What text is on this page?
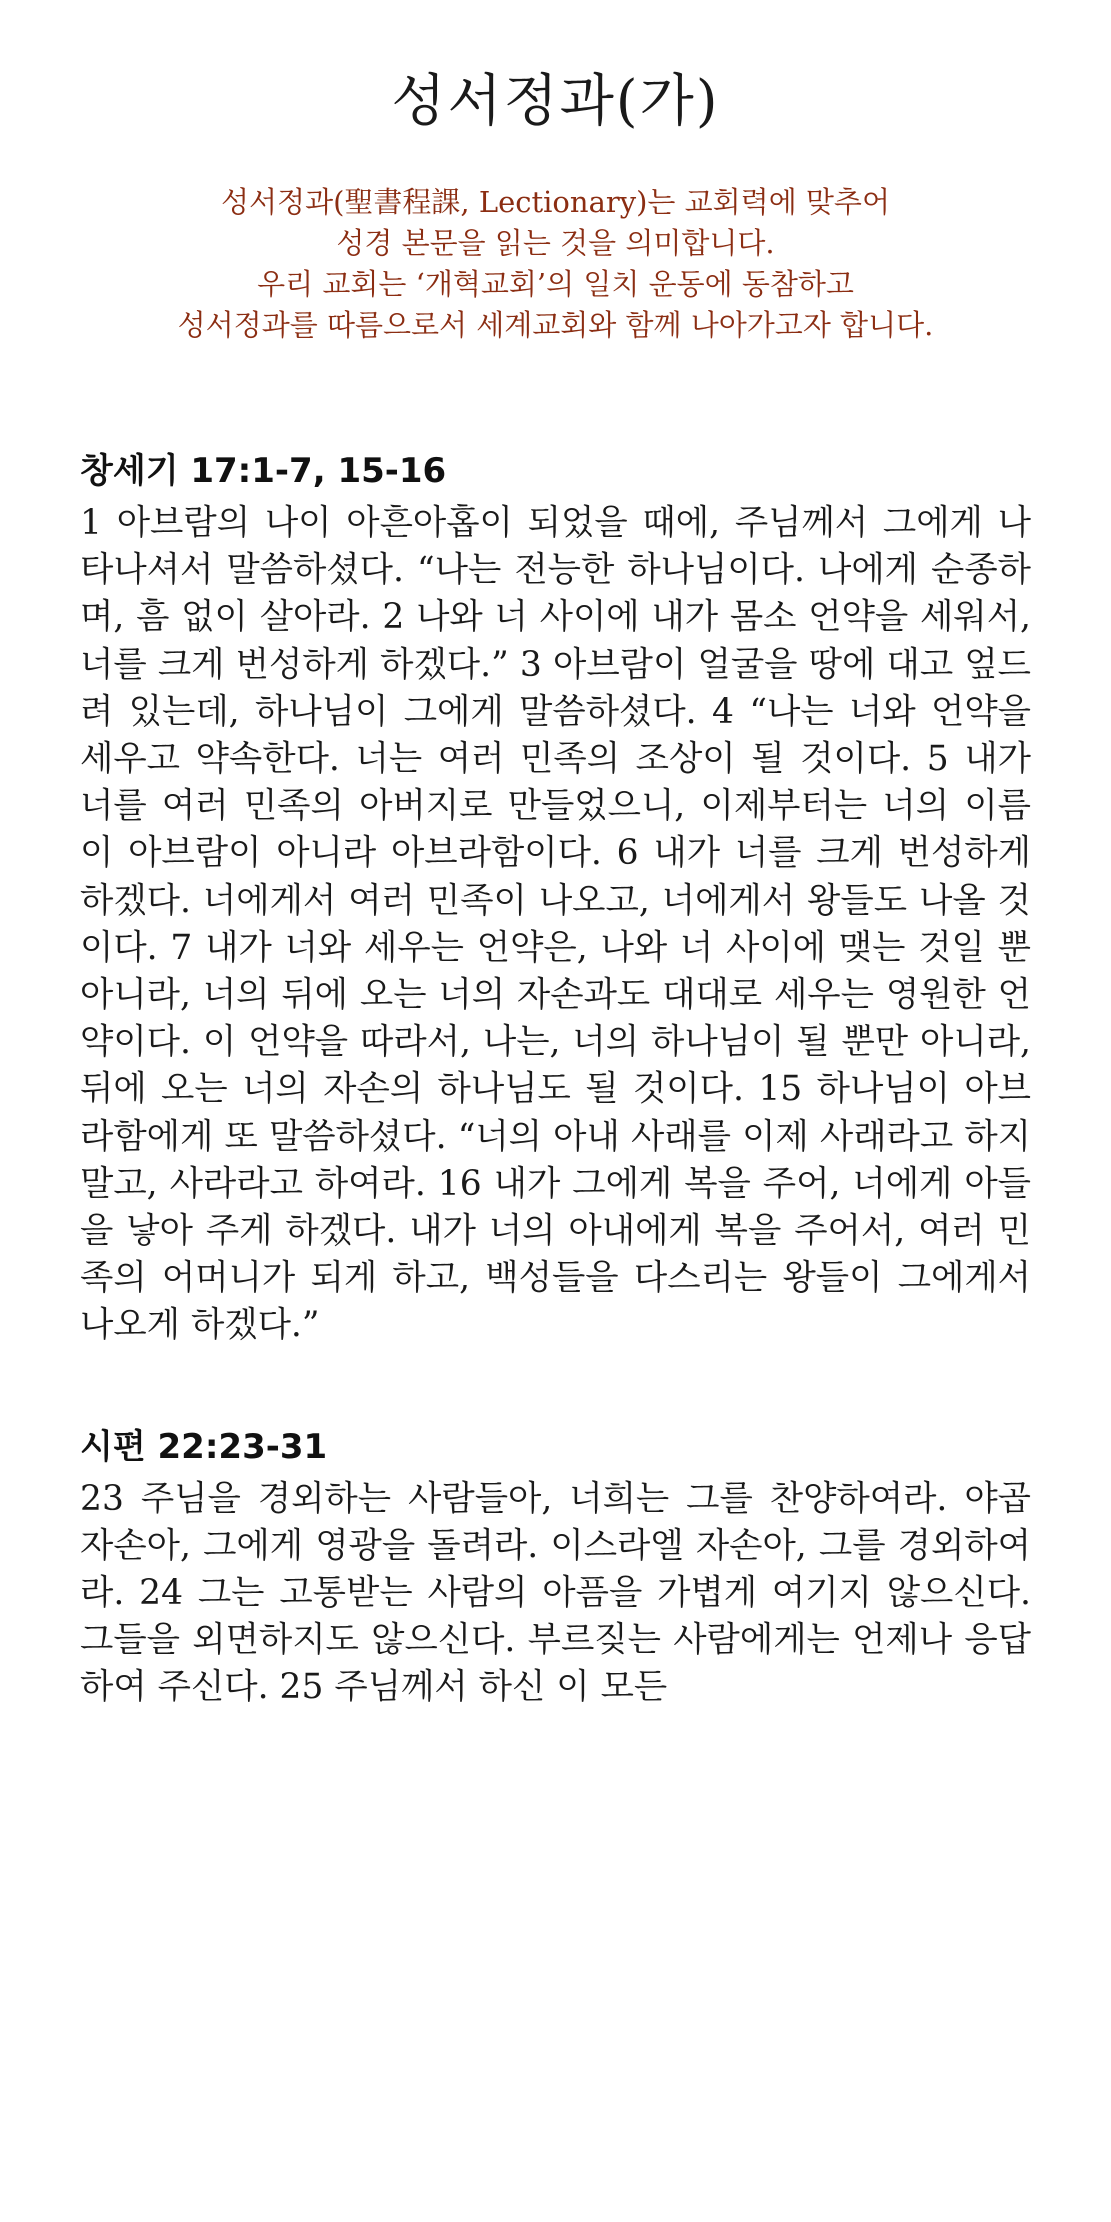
성서정과(가)
성서정과(聖書程課, Lectionary)는 교회력에 맞추어
성경 본문을 읽는 것을 의미합니다.
우리 교회는 ‘개혁교회’의 일치 운동에 동참하고
성서정과를 따름으로서 세계교회와 함께 나아가고자 합니다.
창세기 17:1-7, 15-16

1 아브람의 나이 아흔아홉이 되었을 때에, 주님께서 그에게 나타나셔서 말씀하셨다. “나는 전능한 하나님이다. 나에게 순종하며, 흠 없이 살아라. 2 나와 너 사이에 내가 몸소 언약을 세워서, 너를 크게 번성하게 하겠다.” 3 아브람이 얼굴을 땅에 대고 엎드려 있는데, 하나님이 그에게 말씀하셨다. 4 “나는 너와 언약을 세우고 약속한다. 너는 여러 민족의 조상이 될 것이다. 5 내가 너를 여러 민족의 아버지로 만들었으니, 이제부터는 너의 이름이 아브람이 아니라 아브라함이다. 6 내가 너를 크게 번성하게 하겠다. 너에게서 여러 민족이 나오고, 너에게서 왕들도 나올 것이다. 7 내가 너와 세우는 언약은, 나와 너 사이에 맺는 것일 뿐 아니라, 너의 뒤에 오는 너의 자손과도 대대로 세우는 영원한 언약이다. 이 언약을 따라서, 나는, 너의 하나님이 될 뿐만 아니라, 뒤에 오는 너의 자손의 하나님도 될 것이다. 15 하나님이 아브라함에게 또 말씀하셨다. “너의 아내 사래를 이제 사래라고 하지 말고, 사라라고 하여라. 16 내가 그에게 복을 주어, 너에게 아들을 낳아 주게 하겠다. 내가 너의 아내에게 복을 주어서, 여러 민족의 어머니가 되게 하고, 백성들을 다스리는 왕들이 그에게서 나오게 하겠다.”

시편 22:23-31

23 주님을 경외하는 사람들아, 너희는 그를 찬양하여라. 야곱 자손아, 그에게 영광을 돌려라. 이스라엘 자손아, 그를 경외하여라. 24 그는 고통받는 사람의 아픔을 가볍게 여기지 않으신다. 그들을 외면하지도 않으신다. 부르짖는 사람에게는 언제나 응답하여 주신다. 25 주님께서 하신 이 모든
